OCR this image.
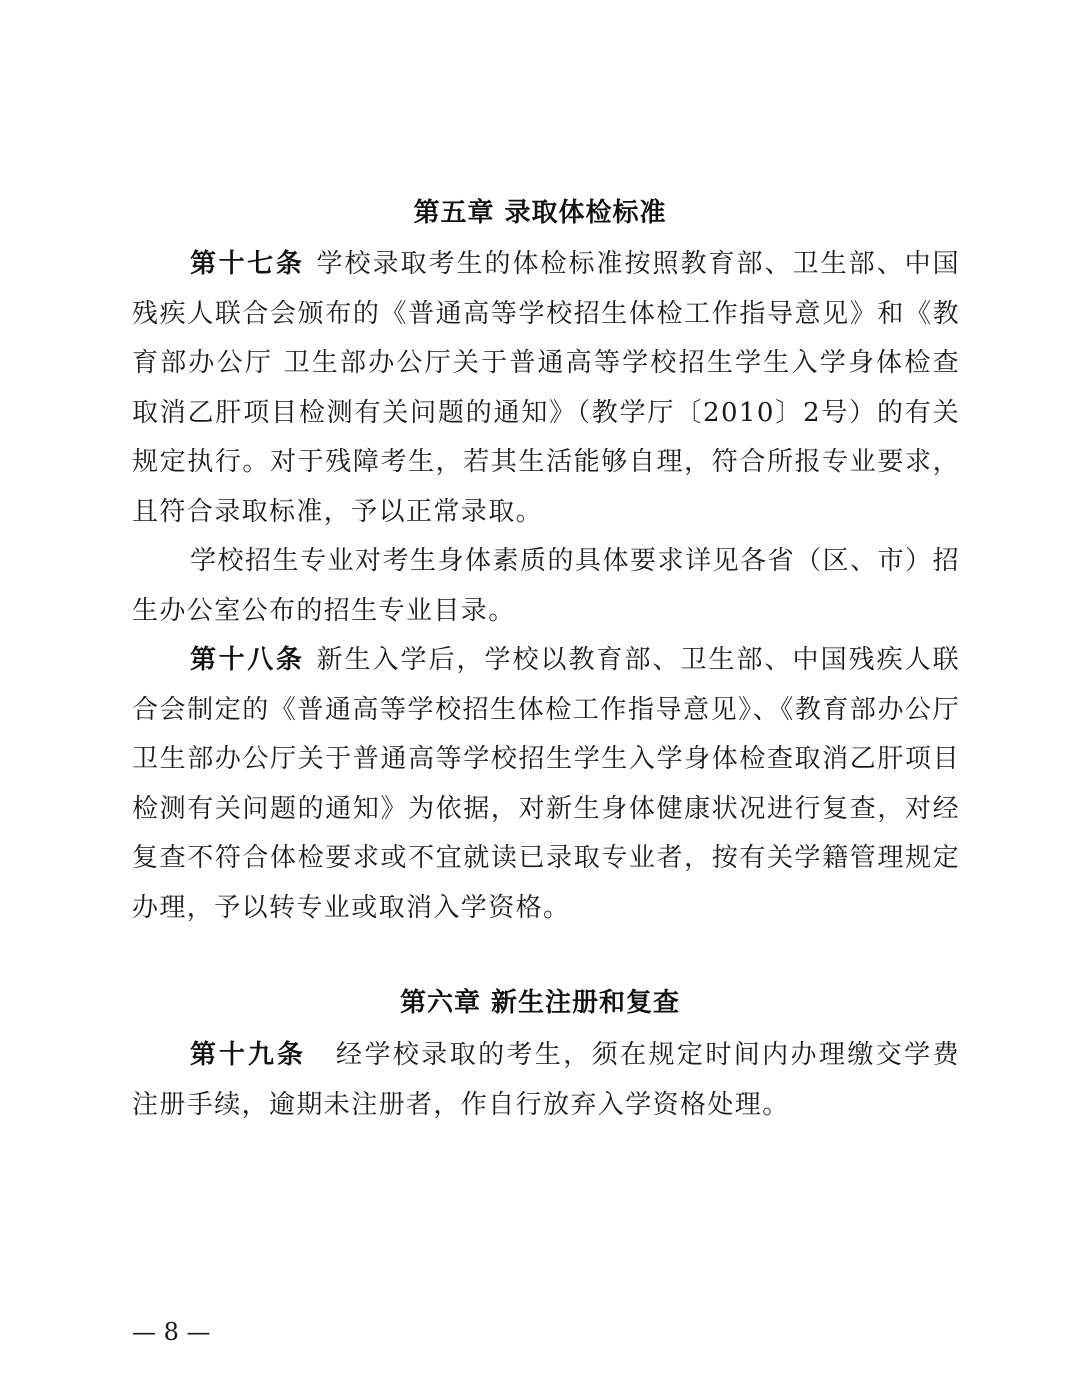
第五章 录取体检标准

第十七条 学校录取考生的体检标准按照教育部、卫生部、中国残疾人联合会颁布的《普通高等学校招生体检工作指导意见》和《教育部办公厅 卫生部办公厅关于普通高等学校招生学生入学身体检查取消乙肝项目检测有关问题的通知》（教学厅〔2010〕2号）的有关规定执行。对于残障考生，若其生活能够自理，符合所报专业要求，且符合录取标准，予以正常录取。

学校招生专业对考生身体素质的具体要求详见各省（区、市）招生办公室公布的招生专业目录。

第十八条 新生入学后，学校以教育部、卫生部、中国残疾人联合会制定的《普通高等学校招生体检工作指导意见》、《教育部办公厅 卫生部办公厅关于普通高等学校招生学生入学身体检查取消乙肝项目检测有关问题的通知》为依据，对新生身体健康状况进行复查，对经复查不符合体检要求或不宜就读已录取专业者，按有关学籍管理规定办理，予以转专业或取消入学资格。

第六章 新生注册和复查

第十九条 经学校录取的考生，须在规定时间内办理缴交学费注册手续，逾期未注册者，作自行放弃入学资格处理。

— 8 —
